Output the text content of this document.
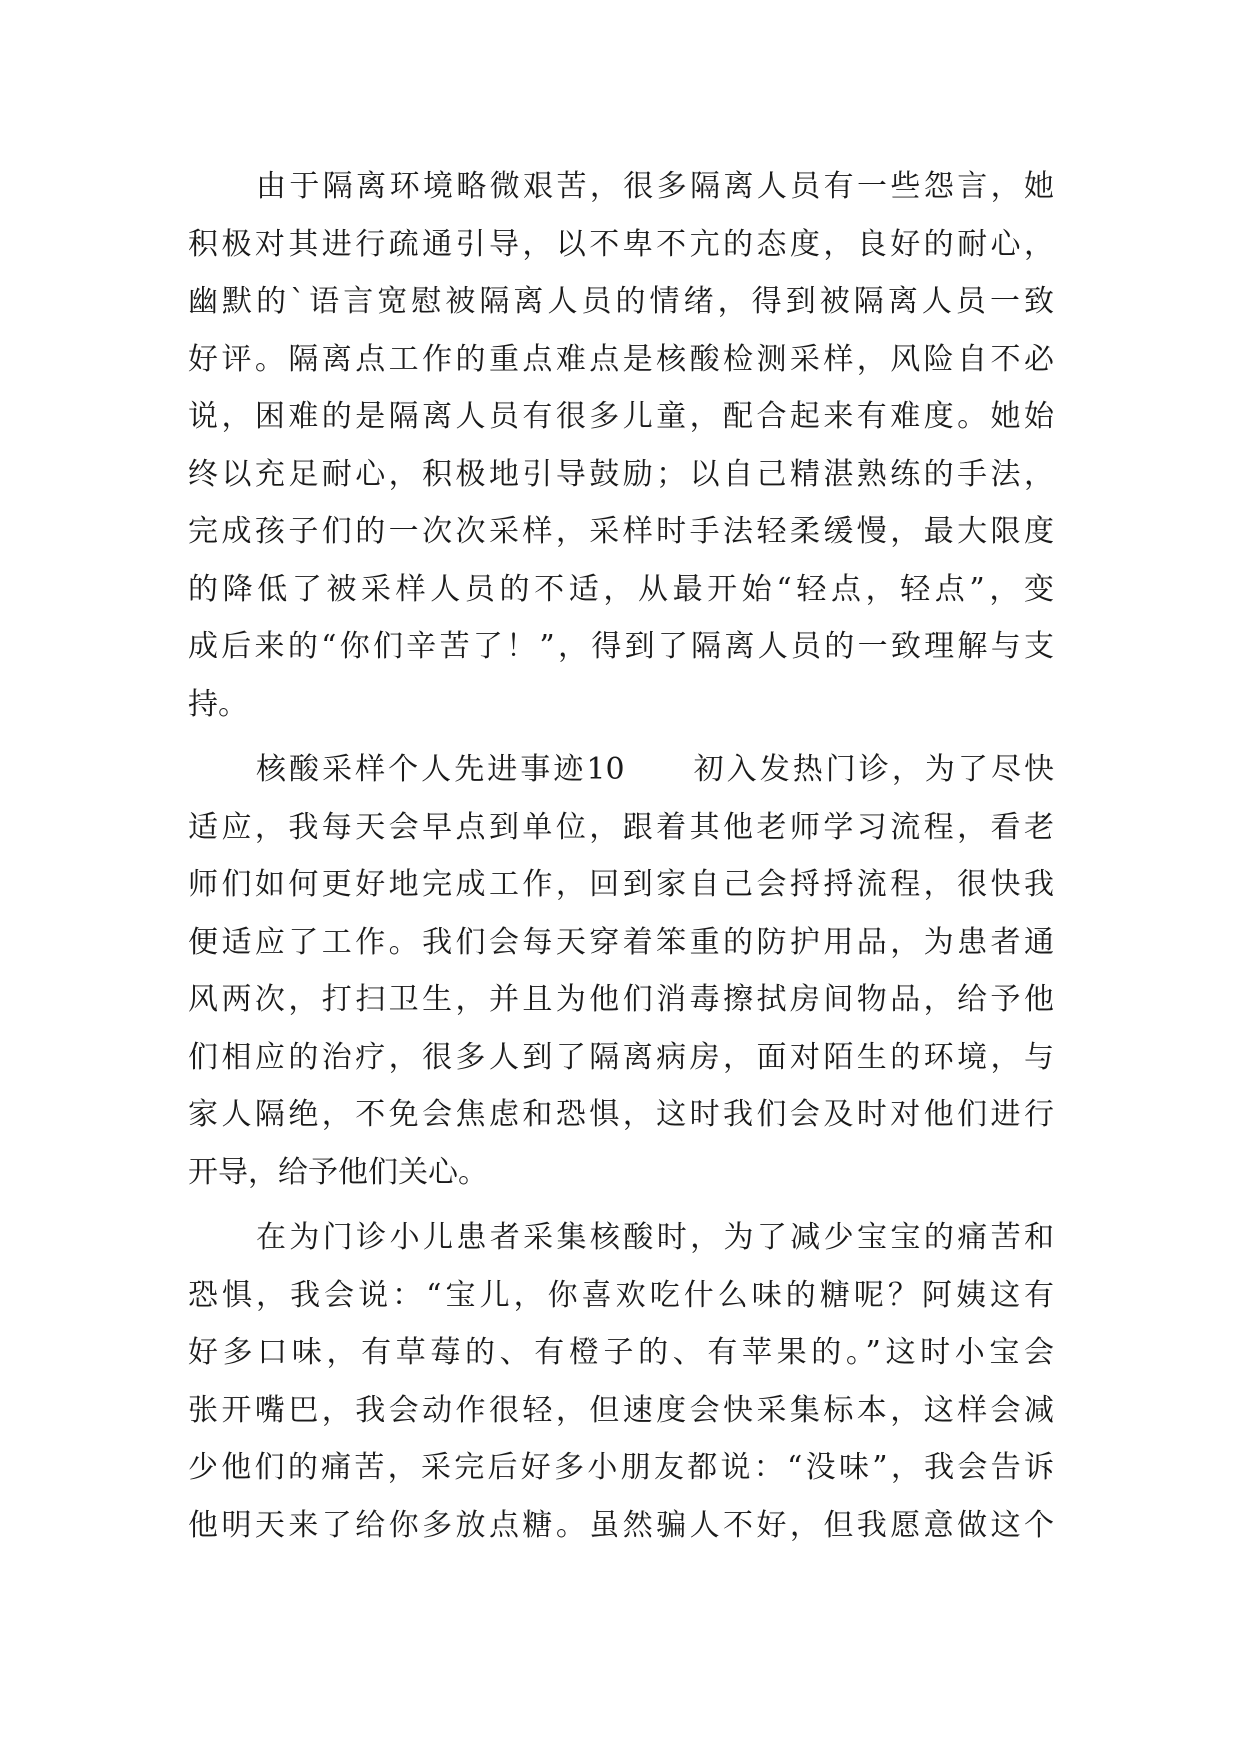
由于隔离环境略微艰苦，很多隔离人员有一些怨言，她
积极对其进行疏通引导，以不卑不亢的态度，良好的耐心，
幽默的`语言宽慰被隔离人员的情绪，得到被隔离人员一致
好评。隔离点工作的重点难点是核酸检测采样，风险自不必
说，困难的是隔离人员有很多儿童，配合起来有难度。她始
终以充足耐心，积极地引导鼓励；以自己精湛熟练的手法，
完成孩子们的一次次采样，采样时手法轻柔缓慢，最大限度
的降低了被采样人员的不适，从最开始“轻点，轻点”，变
成后来的“你们辛苦了！”，得到了隔离人员的一致理解与支
持。
核酸采样个人先进事迹10　　初入发热门诊，为了尽快
适应，我每天会早点到单位，跟着其他老师学习流程，看老
师们如何更好地完成工作，回到家自己会捋捋流程，很快我
便适应了工作。我们会每天穿着笨重的防护用品，为患者通
风两次，打扫卫生，并且为他们消毒擦拭房间物品，给予他
们相应的治疗，很多人到了隔离病房，面对陌生的环境，与
家人隔绝，不免会焦虑和恐惧，这时我们会及时对他们进行
开导，给予他们关心。
在为门诊小儿患者采集核酸时，为了减少宝宝的痛苦和
恐惧，我会说：“宝儿，你喜欢吃什么味的糖呢？阿姨这有
好多口味，有草莓的、有橙子的、有苹果的。”这时小宝会
张开嘴巴，我会动作很轻，但速度会快采集标本，这样会减
少他们的痛苦，采完后好多小朋友都说：“没味”，我会告诉
他明天来了给你多放点糖。虽然骗人不好，但我愿意做这个
